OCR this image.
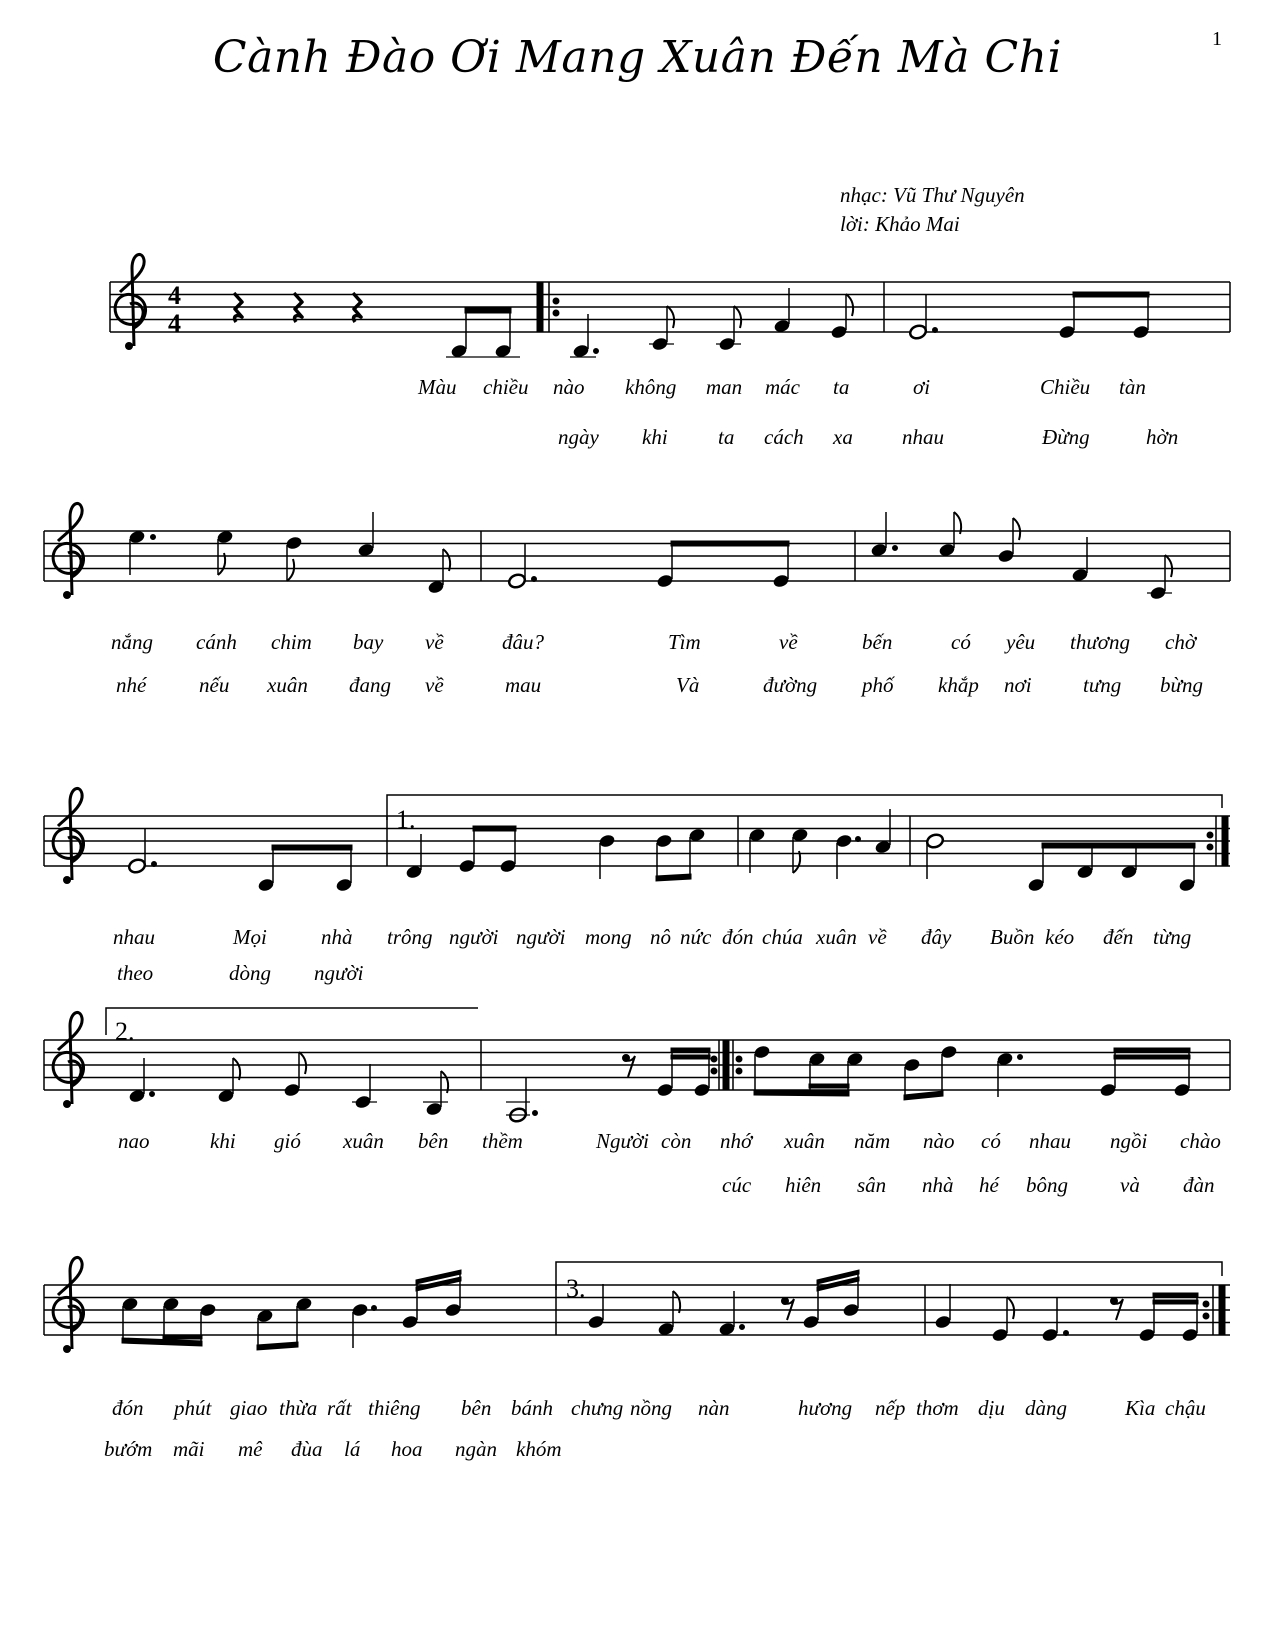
1
Cành Đào Ơi Mang Xuân Đến Mà Chi
nhạc: Vũ Thư Nguyên
lời: Khảo Mai
4
4
1.
2.
3.
Màu chiều nào không man mác ta	ơi	Chiều tàn
ngày khi ta cách xa nhau	Đừng	hờn
nắng cánh chim bay về	đâu?	Tìm	về	bến	có yêu thương chờ
nhé	nếu xuân đang về	mau	Và	đường phố khắp nơi tưng bừng
nhau	Mọi	nhà trông người người mong nô nức đón chúa xuân về đây Buồn kéo đến từng
theo	dòng người
nao	khi gió xuân bên thềm	Người còn nhớ xuân năm nào có nhau ngồi chào
cúc hiên sân nhà hé bông và đàn
đón phút giao thừa rất thiêng bên bánh chưng nồng nàn	hương nếp thơm dịu dàng	Kìa chậu
bướm mãi mê đùa lá hoa ngàn khóm
